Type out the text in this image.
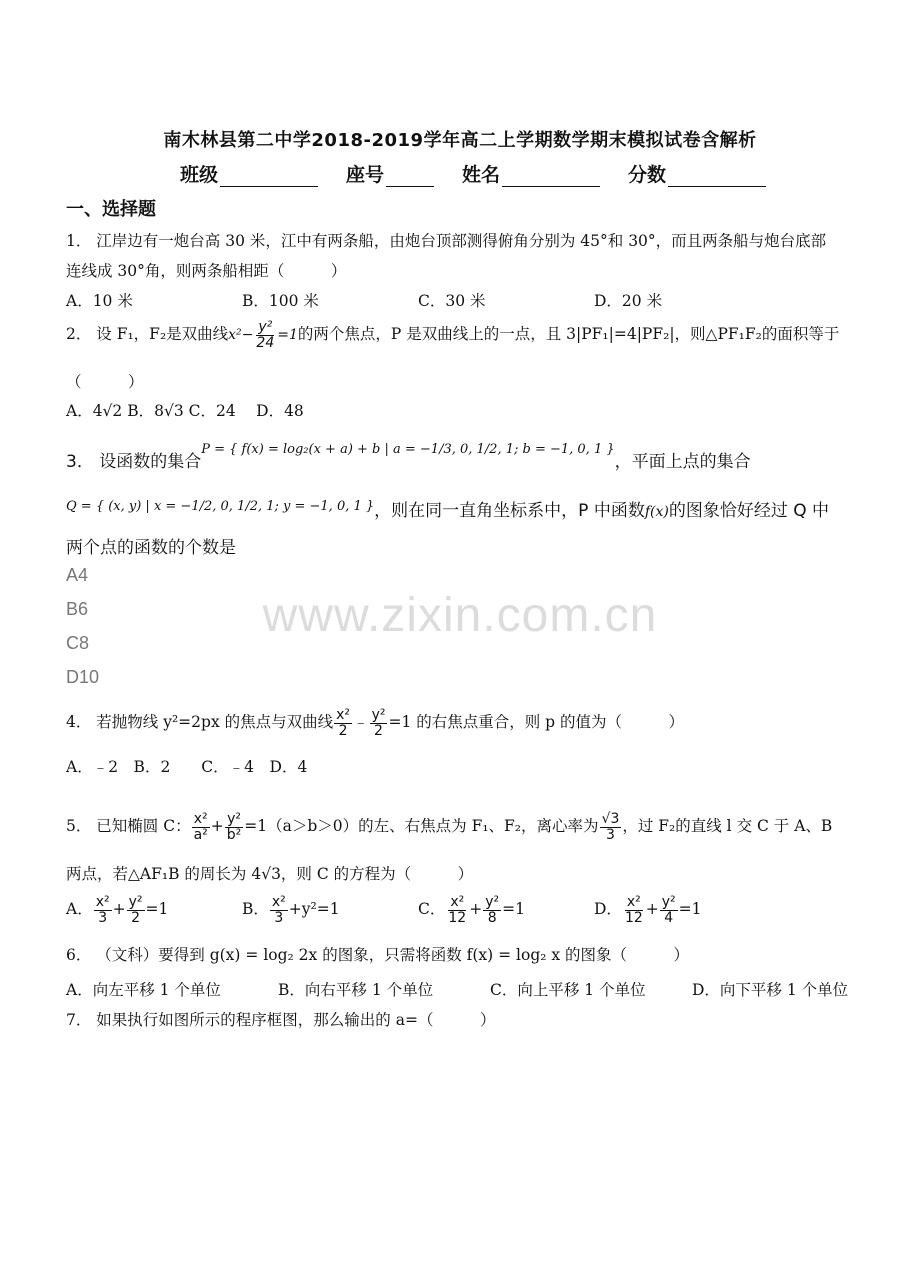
南木林县第二中学2018-2019学年高二上学期数学期末模拟试卷含解析
班级	座号	姓名	分数
一、选择题
1． 江岸边有一炮台高 30 米，江中有两条船，由炮台顶部测得俯角分别为 45°和 30°，而且两条船与炮台底部
连线成 30°角，则两条船相距（　　　）
A．10 米	B．100 米	C．30 米	D．20 米
2． 设 F₁，F₂是双曲线$x^2- \frac{\text{y²}}{24} =1$的两个焦点，P 是双曲线上的一点，且 3|PF₁|=4|PF₂|，则△PF₁F₂的面积等于
（　　　）
A．4√2 B．8√3 C．24　 D．48
3． 设函数的集合$^{P = \{ f(x) = log_2(x + a) + b | a = -1/3, 0, 1/2, 1; b = -1, 0, 1 \}}$，平面上点的集合
$^{Q = \{ (x, y) | x = -1/2, 0, 1/2, 1; y = -1, 0, 1 \}}$，则在同一直角坐标系中，P 中函数f(x)的图象恰好经过 Q 中
两个点的函数的个数是
A4
B6
C8
D10
www.zixin.com.cn
4． 若抛物线 y²=2px 的焦点与双曲线 $\frac{\text{x²}}{2}$ ﹣ $\frac{\text{y²}}{2} =1$ 的右焦点重合，则 p 的值为（　　　）
A．﹣2　B．2　　C．﹣4　D．4
5． 已知椭圆 C： $\frac{\text{x²}}{\text{a²}} + \frac{\text{y²}}{\text{b²}} =1(a>b>0)$的左、右焦点为 F₁、F₂，离心率为 $\frac{√3}{3}$ ，过 F₂的直线 l 交 C 于 A、B
两点，若△AF₁B 的周长为 4√3，则 C 的方程为（　　　）
A． $\frac{\text{x²}}{3} + \frac{\text{y²}}{2} =1$	B． $\frac{\text{x²}}{3} +y^2=1$	C． $\frac{\text{x²}}{12} + \frac{\text{y²}}{8} =1$	D． $\frac{\text{x²}}{12} + \frac{\text{y²}}{4} =1$
6． （文科）要得到 g(x) = log₂ 2x 的图象，只需将函数 f(x) = log₂ x 的图象（　　　）
A．向左平移 1 个单位	B．向右平移 1 个单位	C．向上平移 1 个单位	D．向下平移 1 个单位
7． 如果执行如图所示的程序框图，那么输出的 a=（　　　）
